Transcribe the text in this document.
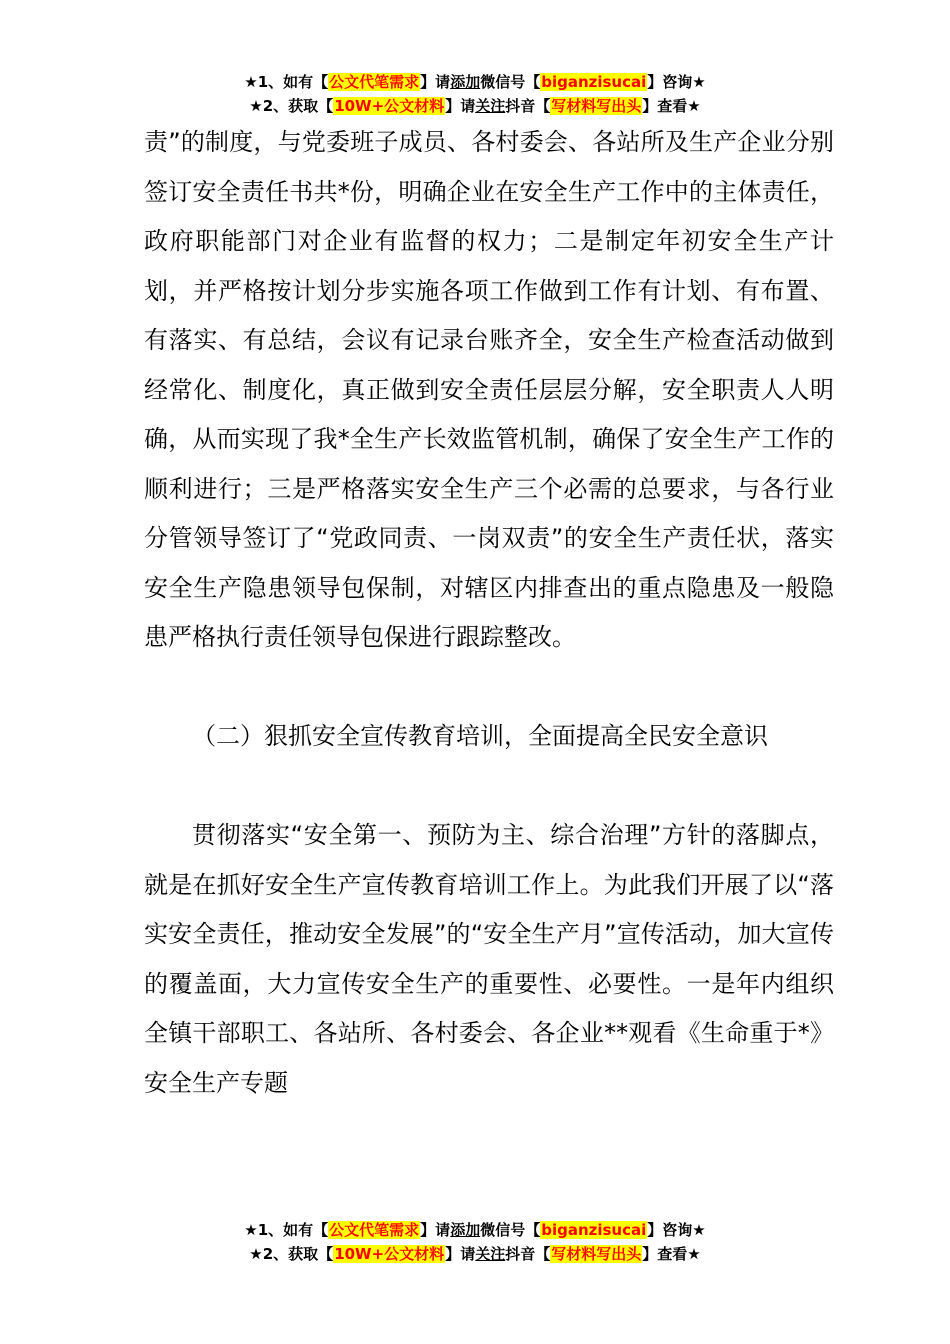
★1、如有【公文代笔需求】请添加微信号【biganzisucai】咨询★
★2、获取【10W+公文材料】请关注抖音【写材料写出头】查看★

责”的制度，与党委班子成员、各村委会、各站所及生产企业分别签订安全责任书共*份，明确企业在安全生产工作中的主体责任，政府职能部门对企业有监督的权力；二是制定年初安全生产计划，并严格按计划分步实施各项工作做到工作有计划、有布置、有落实、有总结，会议有记录台账齐全，安全生产检查活动做到经常化、制度化，真正做到安全责任层层分解，安全职责人人明确，从而实现了我*全生产长效监管机制，确保了安全生产工作的顺利进行；三是严格落实安全生产三个必需的总要求，与各行业分管领导签订了“党政同责、一岗双责”的安全生产责任状，落实安全生产隐患领导包保制，对辖区内排查出的重点隐患及一般隐患严格执行责任领导包保进行跟踪整改。

（二）狠抓安全宣传教育培训，全面提高全民安全意识

贯彻落实“安全第一、预防为主、综合治理”方针的落脚点，就是在抓好安全生产宣传教育培训工作上。为此我们开展了以“落实安全责任，推动安全发展”的“安全生产月”宣传活动，加大宣传的覆盖面，大力宣传安全生产的重要性、必要性。一是年内组织全镇干部职工、各站所、各村委会、各企业**观看《生命重于*》安全生产专题

★1、如有【公文代笔需求】请添加微信号【biganzisucai】咨询★
★2、获取【10W+公文材料】请关注抖音【写材料写出头】查看★
